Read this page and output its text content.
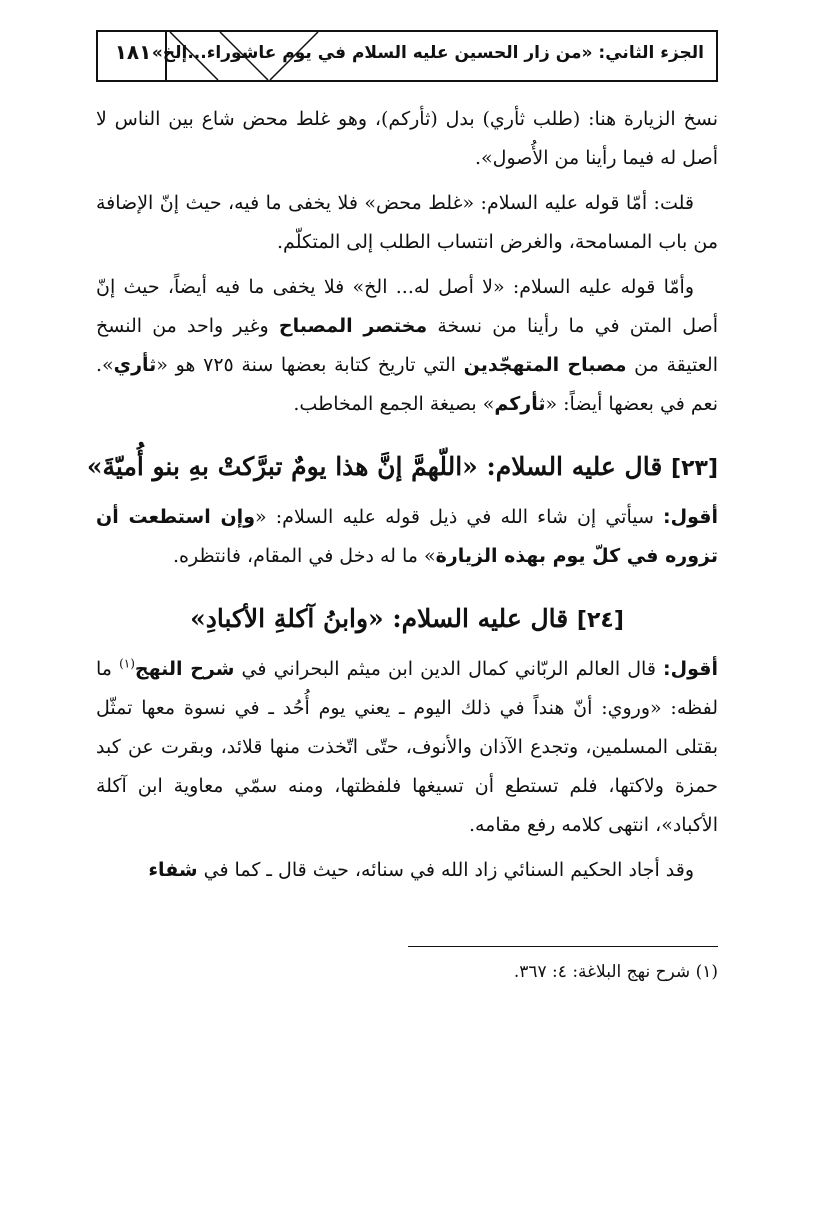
١٨١ الجزء الثاني: «من زار الحسين عليه السلام في يوم عاشوراء...إلخ»

نسخ الزيارة هنا: (طلب ثأري) بدل (ثأركم)، وهو غلط محض شاع بين الناس لا أصل له فيما رأينا من الأُصول».

قلت: أمّا قوله عليه السلام: «غلط محض» فلا يخفى ما فيه، حيث إنّ الإضافة من باب المسامحة، والغرض انتساب الطلب إلى المتكلّم.

وأمّا قوله عليه السلام: «لا أصل له... الخ» فلا يخفى ما فيه أيضاً، حيث إنّ أصل المتن في ما رأينا من نسخة مختصر المصباح وغير واحد من النسخ العتيقة من مصباح المتهجّدين التي تاريخ كتابة بعضها سنة ٧٢٥ هو «ثأري». نعم في بعضها أيضاً: «ثأركم» بصيغة الجمع المخاطب.

[٢٣] قال عليه السلام: «اللّهمَّ إنَّ هذا يومٌ تبرَّكتْ بهِ بنو أُميّةَ»

أقول: سيأتي إن شاء الله في ذيل قوله عليه السلام: «وإن استطعت أن تزوره في كلّ يوم بهذه الزيارة» ما له دخل في المقام، فانتظره.

[٢٤] قال عليه السلام: «وابنُ آكلةِ الأكبادِ»

أقول: قال العالم الربّاني كمال الدين ابن ميثم البحراني في شرح النهج$^{(١)}$ ما لفظه: «وروي: أنّ هنداً في ذلك اليوم ـ يعني يوم أُحُد ـ في نسوة معها تمثّل بقتلى المسلمين، وتجدع الآذان والأنوف، حتّى اتّخذت منها قلائد، وبقرت عن كبد حمزة ولاكتها، فلم تستطع أن تسيغها فلفظتها، ومنه سمّي معاوية ابن آكلة الأكباد»، انتهى كلامه رفع مقامه.

وقد أجاد الحكيم السنائي زاد الله في سنائه، حيث قال ـ كما في شفاء

(١) شرح نهج البلاغة: ٤: ٣٦٧.
